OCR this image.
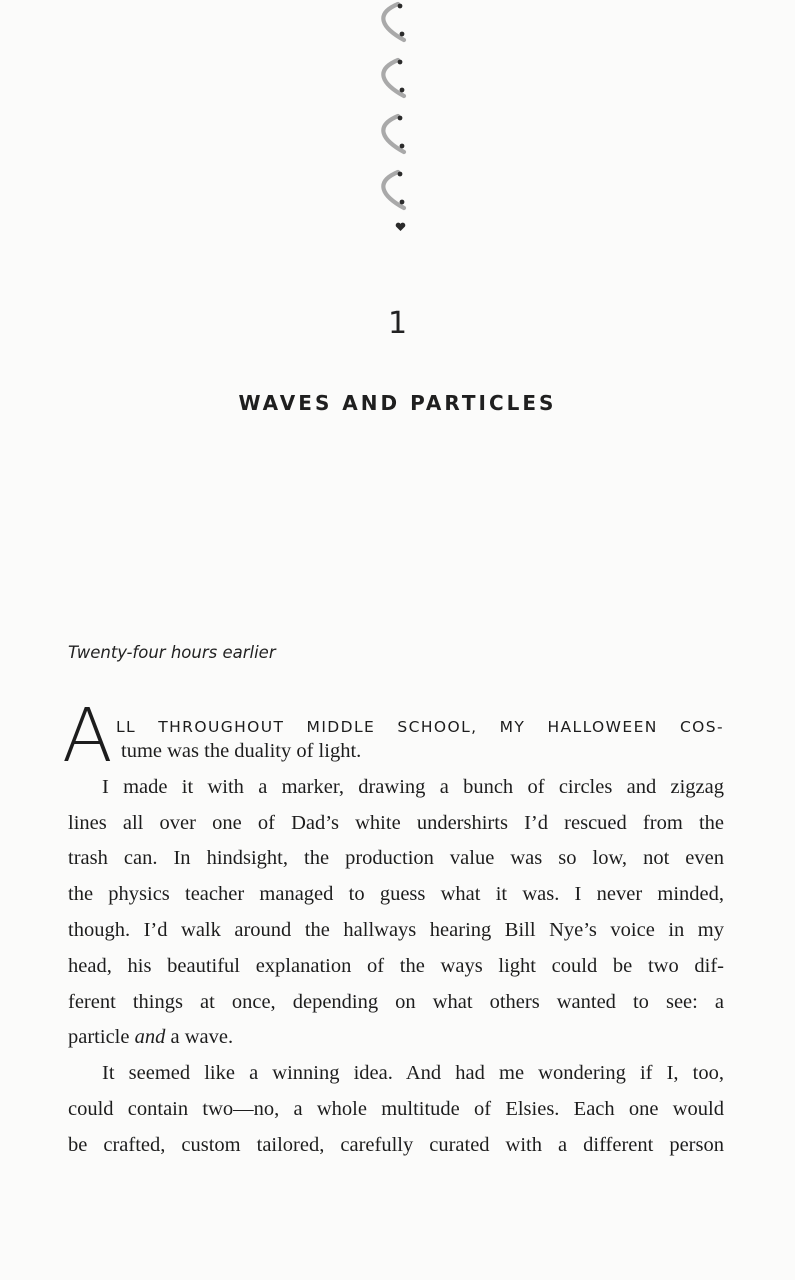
1
WAVES AND PARTICLES
Twenty-four hours earlier
A LL THROUGHOUT MIDDLE SCHOOL, MY HALLOWEEN COS-
tume was the duality of light.
I made it with a marker, drawing a bunch of circles and zigzag
lines all over one of Dad’s white undershirts I’d rescued from the
trash can. In hindsight, the production value was so low, not even
the physics teacher managed to guess what it was. I never minded,
though. I’d walk around the hallways hearing Bill Nye’s voice in my
head, his beautiful explanation of the ways light could be two dif-
ferent things at once, depending on what others wanted to see: a
particle and a wave.
It seemed like a winning idea. And had me wondering if I, too,
could contain two—no, a whole multitude of Elsies. Each one would
be crafted, custom tailored, carefully curated with a different person
